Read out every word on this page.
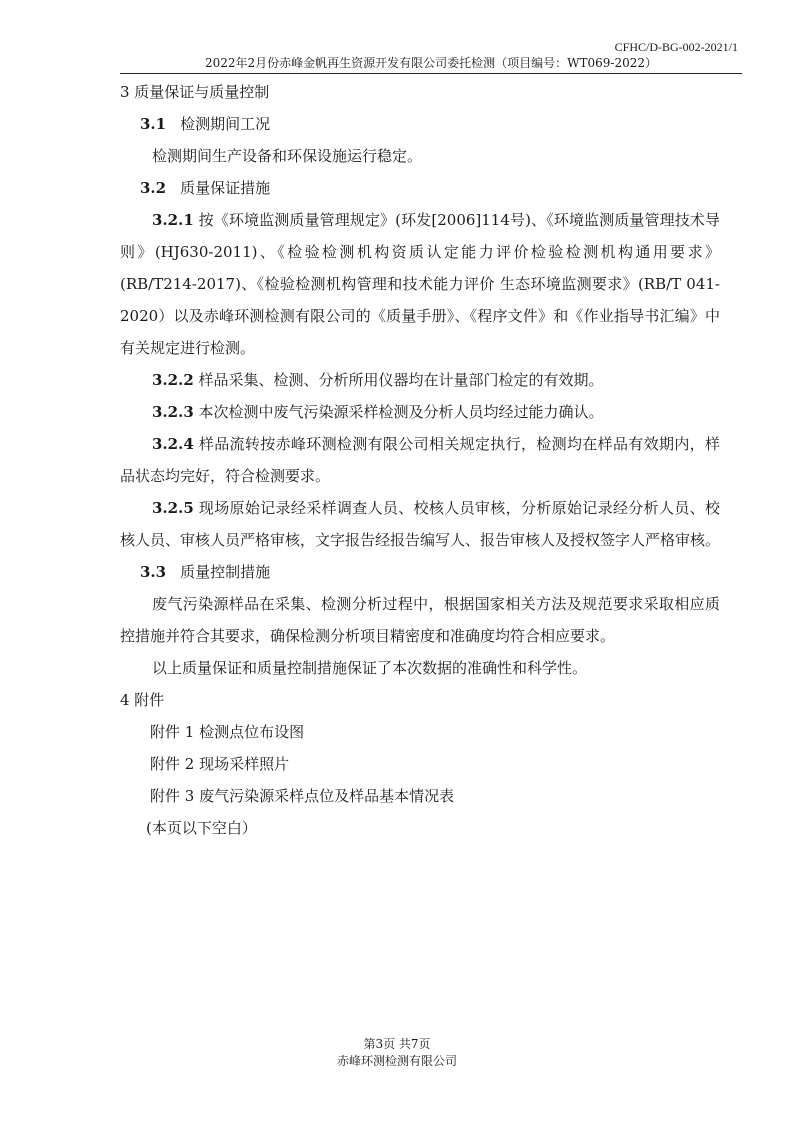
CFHC/D-BG-002-2021/1
2022年2月份赤峰金帆再生资源开发有限公司委托检测（项目编号：WT069-2022）

3 质量保证与质量控制

3.1 检测期间工况

检测期间生产设备和环保设施运行稳定。

3.2 质量保证措施

3.2.1 按《环境监测质量管理规定》(环发[2006]114号)、《环境监测质量管理技术导则》(HJ630-2011)、《检验检测机构资质认定能力评价检验检测机构通用要求》(RB/T214-2017)、《检验检测机构管理和技术能力评价 生态环境监测要求》(RB/T 041-2020）以及赤峰环测检测有限公司的《质量手册》、《程序文件》和《作业指导书汇编》中有关规定进行检测。

3.2.2 样品采集、检测、分析所用仪器均在计量部门检定的有效期。

3.2.3 本次检测中废气污染源采样检测及分析人员均经过能力确认。

3.2.4 样品流转按赤峰环测检测有限公司相关规定执行，检测均在样品有效期内，样品状态均完好，符合检测要求。

3.2.5 现场原始记录经采样调查人员、校核人员审核，分析原始记录经分析人员、校核人员、审核人员严格审核，文字报告经报告编写人、报告审核人及授权签字人严格审核。

3.3 质量控制措施

废气污染源样品在采集、检测分析过程中，根据国家相关方法及规范要求采取相应质控措施并符合其要求，确保检测分析项目精密度和准确度均符合相应要求。

以上质量保证和质量控制措施保证了本次数据的准确性和科学性。

4 附件

附件 1 检测点位布设图

附件 2 现场采样照片

附件 3 废气污染源采样点位及样品基本情况表

(本页以下空白）

第3页 共7页
赤峰环测检测有限公司
